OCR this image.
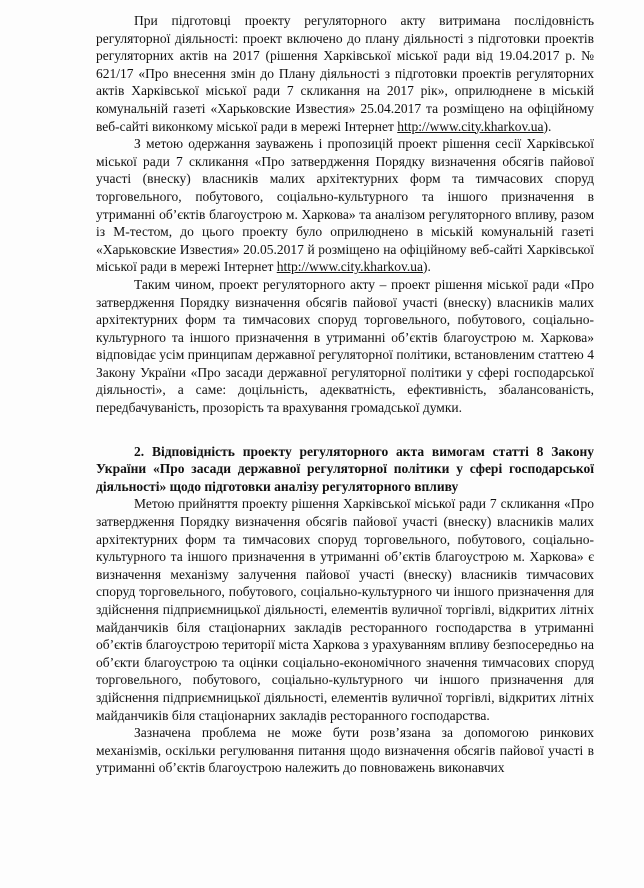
При підготовці проекту регуляторного акту витримана послідовність регуляторної діяльності: проект включено до плану діяльності з підготовки проектів регуляторних актів на 2017 (рішення Харківської міської ради від 19.04.2017 р. № 621/17 «Про внесення змін до Плану діяльності з підготовки проектів регуляторних актів Харківської міської ради 7 скликання на 2017 рік», оприлюднене в міській комунальній газеті «Харьковские Известия» 25.04.2017 та розміщено на офіційному веб-сайті виконкому міської ради в мережі Інтернет http://www.city.kharkov.ua).

З метою одержання зауважень і пропозицій проект рішення сесії Харківської міської ради 7 скликання «Про затвердження Порядку визначення обсягів пайової участі (внеску) власників малих архітектурних форм та тимчасових споруд торговельного, побутового, соціально-культурного та іншого призначення в утриманні об’єктів благоустрою м. Харкова» та аналізом регуляторного впливу, разом із М-тестом, до цього проекту було оприлюднено в міській комунальній газеті «Харьковские Известия» 20.05.2017 й розміщено на офіційному веб-сайті Харківської міської ради в мережі Інтернет http://www.city.kharkov.ua).

Таким чином, проект регуляторного акту – проект рішення міської ради «Про затвердження Порядку визначення обсягів пайової участі (внеску) власників малих архітектурних форм та тимчасових споруд торговельного, побутового, соціально-культурного та іншого призначення в утриманні об’єктів благоустрою м. Харкова» відповідає усім принципам державної регуляторної політики, встановленим статтею 4 Закону України «Про засади державної регуляторної політики у сфері господарської діяльності», а саме: доцільність, адекватність, ефективність, збалансованість, передбачуваність, прозорість та врахування громадської думки.

2. Відповідність проекту регуляторного акта вимогам статті 8 Закону України «Про засади державної регуляторної політики у сфері господарської діяльності» щодо підготовки аналізу регуляторного впливу

Метою прийняття проекту рішення Харківської міської ради 7 скликання «Про затвердження Порядку визначення обсягів пайової участі (внеску) власників малих архітектурних форм та тимчасових споруд торговельного, побутового, соціально-культурного та іншого призначення в утриманні об’єктів благоустрою м. Харкова» є визначення механізму залучення пайової участі (внеску) власників тимчасових споруд торговельного, побутового, соціально-культурного чи іншого призначення для здійснення підприємницької діяльності, елементів вуличної торгівлі, відкритих літніх майданчиків біля стаціонарних закладів ресторанного господарства в утриманні об’єктів благоустрою території міста Харкова з урахуванням впливу безпосередньо на об’єкти благоустрою та оцінки соціально-економічного значення тимчасових споруд торговельного, побутового, соціально-культурного чи іншого призначення для здійснення підприємницької діяльності, елементів вуличної торгівлі, відкритих літніх майданчиків біля стаціонарних закладів ресторанного господарства.

Зазначена проблема не може бути розв’язана за допомогою ринкових механізмів, оскільки регулювання питання щодо визначення обсягів пайової участі в утриманні об’єктів благоустрою належить до повноважень виконавчих
